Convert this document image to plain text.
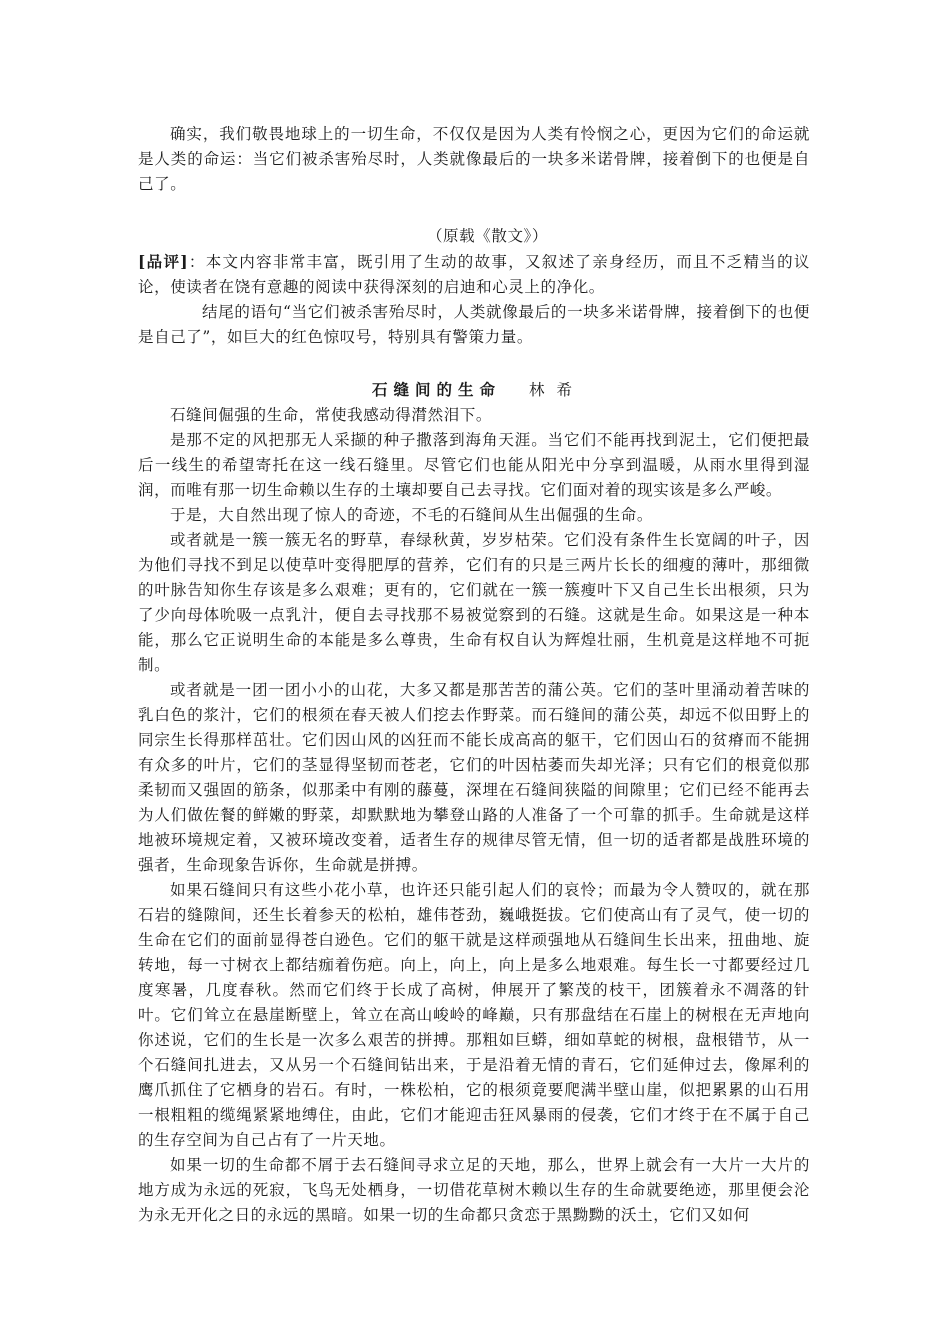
确实，我们敬畏地球上的一切生命，不仅仅是因为人类有怜悯之心，更因为它们的命运就是人类的命运：当它们被杀害殆尽时，人类就像最后的一块多米诺骨牌，接着倒下的也便是自己了。

（原载《散文》）

[品评]：本文内容非常丰富，既引用了生动的故事，又叙述了亲身经历，而且不乏精当的议论，使读者在饶有意趣的阅读中获得深刻的启迪和心灵上的净化。

结尾的语句“当它们被杀害殆尽时，人类就像最后的一块多米诺骨牌，接着倒下的也便是自己了”，如巨大的红色惊叹号，特别具有警策力量。

石缝间的生命 林希

石缝间倔强的生命，常使我感动得潸然泪下。

是那不定的风把那无人采撷的种子撒落到海角天涯。当它们不能再找到泥土，它们便把最后一线生的希望寄托在这一线石缝里。尽管它们也能从阳光中分享到温暖，从雨水里得到湿润，而唯有那一切生命赖以生存的土壤却要自己去寻找。它们面对着的现实该是多么严峻。

于是，大自然出现了惊人的奇迹，不毛的石缝间从生出倔强的生命。

或者就是一簇一簇无名的野草，春绿秋黄，岁岁枯荣。它们没有条件生长宽阔的叶子，因为他们寻找不到足以使草叶变得肥厚的营养，它们有的只是三两片长长的细瘦的薄叶，那细微的叶脉告知你生存该是多么艰难；更有的，它们就在一簇一簇瘦叶下又自己生长出根须，只为了少向母体吮吸一点乳汁，便自去寻找那不易被觉察到的石缝。这就是生命。如果这是一种本能，那么它正说明生命的本能是多么尊贵，生命有权自认为辉煌壮丽，生机竟是这样地不可扼制。

或者就是一团一团小小的山花，大多又都是那苦苦的蒲公英。它们的茎叶里涌动着苦味的乳白色的浆汁，它们的根须在春天被人们挖去作野菜。而石缝间的蒲公英，却远不似田野上的同宗生长得那样茁壮。它们因山风的凶狂而不能长成高高的躯干，它们因山石的贫瘠而不能拥有众多的叶片，它们的茎显得坚韧而苍老，它们的叶因枯萎而失却光泽；只有它们的根竟似那柔韧而又强固的筋条，似那柔中有刚的藤蔓，深埋在石缝间狭隘的间隙里；它们已经不能再去为人们做佐餐的鲜嫩的野菜，却默默地为攀登山路的人准备了一个可靠的抓手。生命就是这样地被环境规定着，又被环境改变着，适者生存的规律尽管无情，但一切的适者都是战胜环境的强者，生命现象告诉你，生命就是拼搏。

如果石缝间只有这些小花小草，也许还只能引起人们的哀怜；而最为令人赞叹的，就在那石岩的缝隙间，还生长着参天的松柏，雄伟苍劲，巍峨挺拔。它们使高山有了灵气，使一切的生命在它们的面前显得苍白逊色。它们的躯干就是这样顽强地从石缝间生长出来，扭曲地、旋转地，每一寸树衣上都结痂着伤疤。向上，向上，向上是多么地艰难。每生长一寸都要经过几度寒暑，几度春秋。然而它们终于长成了高树，伸展开了繁茂的枝干，团簇着永不凋落的针叶。它们耸立在悬崖断壁上，耸立在高山峻岭的峰巅，只有那盘结在石崖上的树根在无声地向你述说，它们的生长是一次多么艰苦的拼搏。那粗如巨蟒，细如草蛇的树根，盘根错节，从一个石缝间扎进去，又从另一个石缝间钻出来，于是沿着无情的青石，它们延伸过去，像犀利的鹰爪抓住了它栖身的岩石。有时，一株松柏，它的根须竟要爬满半壁山崖，似把累累的山石用一根粗粗的缆绳紧紧地缚住，由此，它们才能迎击狂风暴雨的侵袭，它们才终于在不属于自己的生存空间为自己占有了一片天地。

如果一切的生命都不屑于去石缝间寻求立足的天地，那么，世界上就会有一大片一大片的地方成为永远的死寂，飞鸟无处栖身，一切借花草树木赖以生存的生命就要绝迹，那里便会沦为永无开化之日的永远的黑暗。如果一切的生命都只贪恋于黑黝黝的沃土，它们又如何
